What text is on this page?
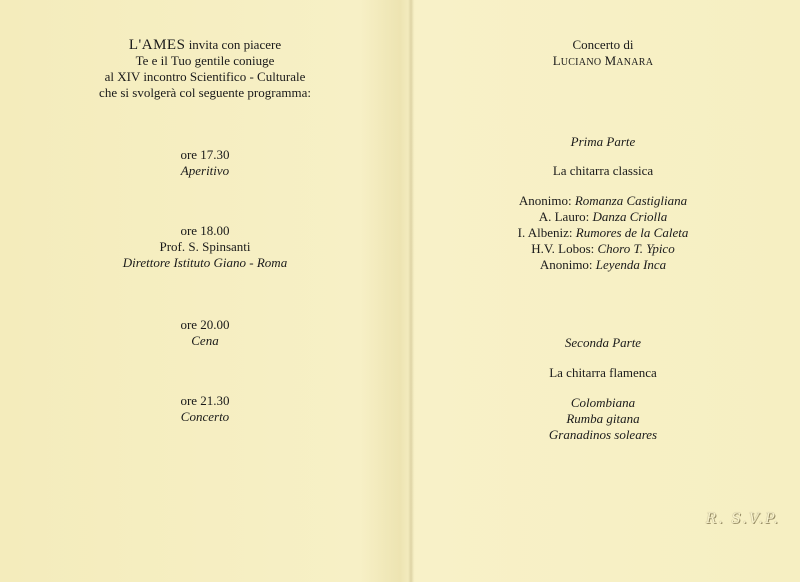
L'AMES invita con piacere
Te e il Tuo gentile coniuge
al XIV incontro Scientifico - Culturale
che si svolgerà col seguente programma:
ore 17.30
Aperitivo
ore 18.00
Prof. S. Spinsanti
Direttore Istituto Giano - Roma
ore 20.00
Cena
ore 21.30
Concerto
Concerto di
LUCIANO MANARA
Prima Parte
La chitarra classica
Anonimo: Romanza Castigliana
A. Lauro: Danza Criolla
I. Albeniz: Rumores de la Caleta
H.V. Lobos: Choro T. Ypico
Anonimo: Leyenda Inca
Seconda Parte
La chitarra flamenca
Colombiana
Rumba gitana
Granadinos soleares
R. S.V.P.
